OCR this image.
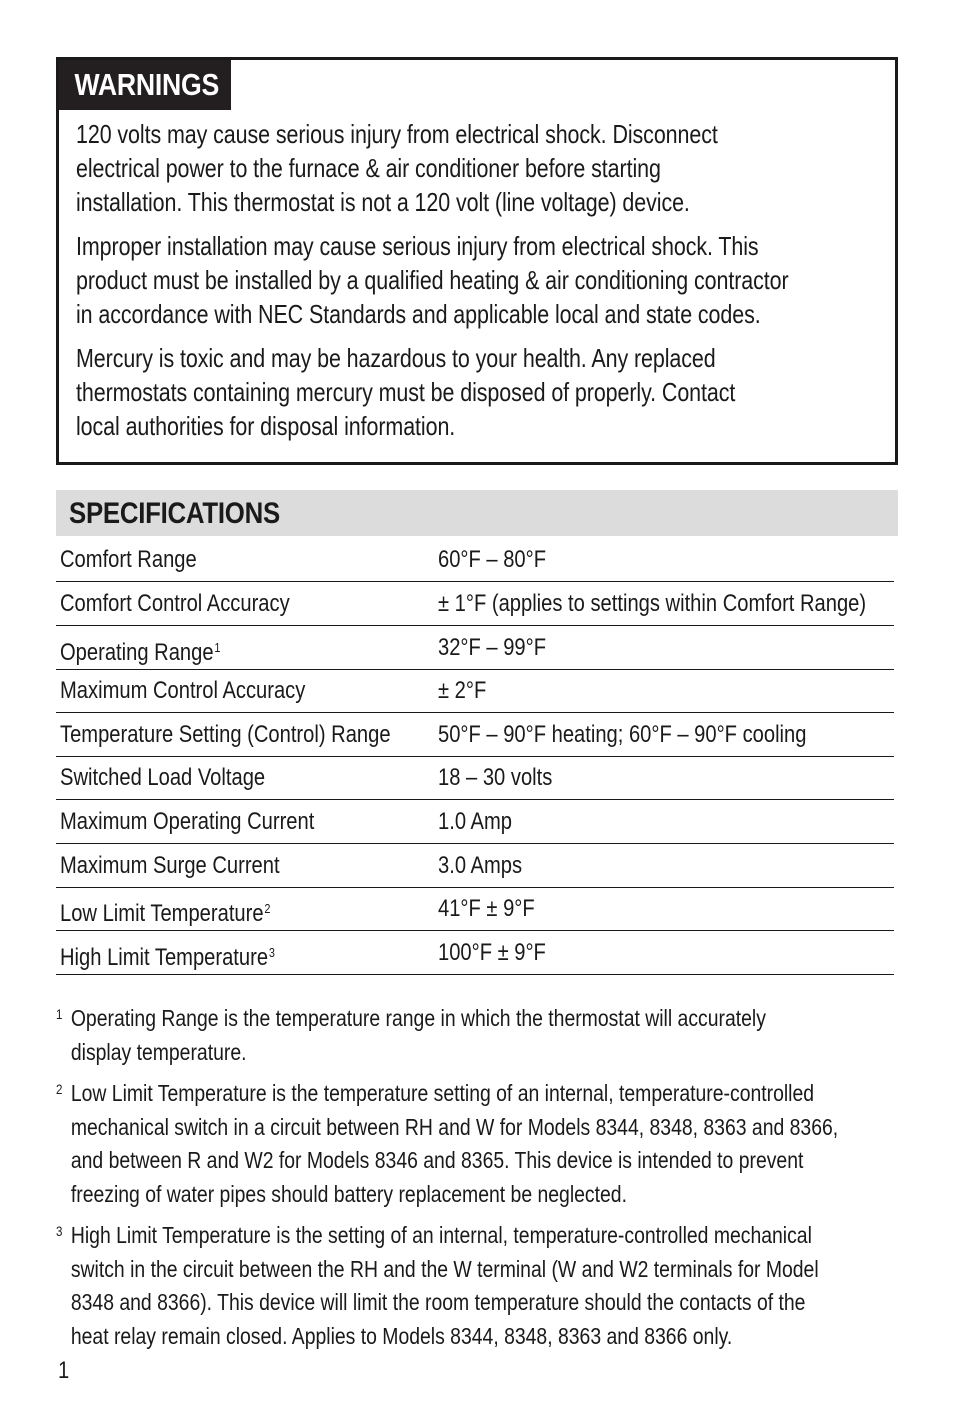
WARNINGS

120 volts may cause serious injury from electrical shock. Disconnect
electrical power to the furnace & air conditioner before starting
installation. This thermostat is not a 120 volt (line voltage) device.

Improper installation may cause serious injury from electrical shock. This
product must be installed by a qualified heating & air conditioning contractor
in accordance with NEC Standards and applicable local and state codes.

Mercury is toxic and may be hazardous to your health. Any replaced
thermostats containing mercury must be disposed of properly. Contact
local authorities for disposal information.

SPECIFICATIONS
Comfort Range	60°F – 80°F
Comfort Control Accuracy	± 1°F (applies to settings within Comfort Range)
Operating Range$^1$	32°F – 99°F
Maximum Control Accuracy	± 2°F
Temperature Setting (Control) Range 50°F – 90°F heating; 60°F – 90°F cooling
Switched Load Voltage	18 – 30 volts
Maximum Operating Current	1.0 Amp
Maximum Surge Current	3.0 Amps
Low Limit Temperature$^2$	41°F ± 9°F
High Limit Temperature$^3$	100°F ± 9°F
1 Operating Range is the temperature range in which the thermostat will accurately
display temperature.
2 Low Limit Temperature is the temperature setting of an internal, temperature-controlled
mechanical switch in a circuit between RH and W for Models 8344, 8348, 8363 and 8366,
and between R and W2 for Models 8346 and 8365. This device is intended to prevent
freezing of water pipes should battery replacement be neglected.
3 High Limit Temperature is the setting of an internal, temperature-controlled mechanical
switch in the circuit between the RH and the W terminal (W and W2 terminals for Model
8348 and 8366). This device will limit the room temperature should the contacts of the
heat relay remain closed. Applies to Models 8344, 8348, 8363 and 8366 only.
1
